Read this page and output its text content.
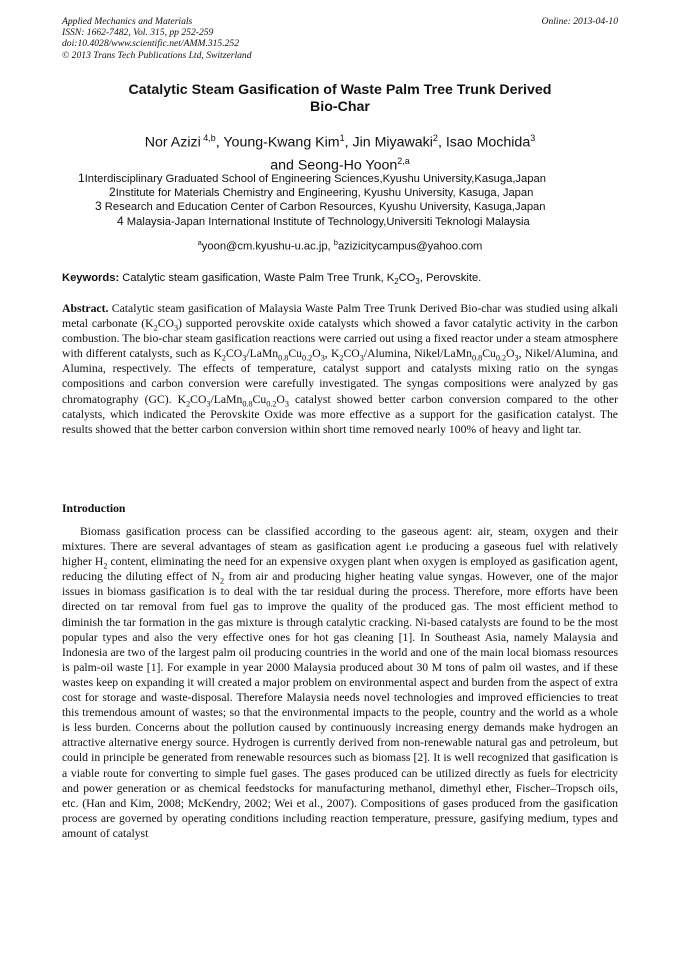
Applied Mechanics and Materials
ISSN: 1662-7482, Vol. 315, pp 252-259
doi:10.4028/www.scientific.net/AMM.315.252
© 2013 Trans Tech Publications Ltd, Switzerland
Online: 2013-04-10
Catalytic Steam Gasification of Waste Palm Tree Trunk Derived
Bio-Char
Nor Azizi $^{4,b}$, Young-Kwang Kim$^1$, Jin Miyawaki$^2$, Isao Mochida$^3$
and Seong-Ho Yoon$^{2,a}$
1Interdisciplinary Graduated School of Engineering Sciences,Kyushu University,Kasuga,Japan
2Institute for Materials Chemistry and Engineering, Kyushu University, Kasuga, Japan
3 Research and Education Center of Carbon Resources, Kyushu University, Kasuga,Japan
4 Malaysia-Japan International Institute of Technology,Universiti Teknologi Malaysia
$^a$yoon@cm.kyushu-u.ac.jp, $^b$azizicitycampus@yahoo.com
Keywords: Catalytic steam gasification, Waste Palm Tree Trunk, $K_2CO_3$, Perovskite.
Abstract. Catalytic steam gasification of Malaysia Waste Palm Tree Trunk Derived Bio-char was studied using alkali metal carbonate $(K_2CO_3)$ supported perovskite oxide catalysts which showed a favor catalytic activity in the carbon combustion. The bio-char steam gasification reactions were carried out using a fixed reactor under a steam atmosphere with different catalysts, such as $K_2CO_3/LaMn_{0.8}Cu_{0.2}O_3$, $K_2CO_3$/Alumina, Nikel/$LaMn_{0.8}Cu_{0.2}O_3$, Nikel/Alumina, and Alumina, respectively. The effects of temperature, catalyst support and catalysts mixing ratio on the syngas compositions and carbon conversion were carefully investigated. The syngas compositions were analyzed by gas chromatography (GC). $K_2CO_3/LaMn_{0.8}Cu_{0.2}O_3$ catalyst showed better carbon conversion compared to the other catalysts, which indicated the Perovskite Oxide was more effective as a support for the gasification catalyst. The results showed that the better carbon conversion within short time removed nearly 100% of heavy and light tar.
Introduction

Biomass gasification process can be classified according to the gaseous agent: air, steam, oxygen and their mixtures. There are several advantages of steam as gasification agent i.e producing a gaseous fuel with relatively higher $H_2$ content, eliminating the need for an expensive oxygen plant when oxygen is employed as gasification agent, reducing the diluting effect of $N_2$ from air and producing higher heating value syngas. However, one of the major issues in biomass gasification is to deal with the tar residual during the process. Therefore, more efforts have been directed on tar removal from fuel gas to improve the quality of the produced gas. The most efficient method to diminish the tar formation in the gas mixture is through catalytic cracking. Ni-based catalysts are found to be the most popular types and also the very effective ones for hot gas cleaning [1]. In Southeast Asia, namely Malaysia and Indonesia are two of the largest palm oil producing countries in the world and one of the main local biomass resources is palm-oil waste [1]. For example in year 2000 Malaysia produced about 30 M tons of palm oil wastes, and if these wastes keep on expanding it will created a major problem on environmental aspect and burden from the aspect of extra cost for storage and waste-disposal. Therefore Malaysia needs novel technologies and improved efficiencies to treat this tremendous amount of wastes; so that the environmental impacts to the people, country and the world as a whole is less burden. Concerns about the pollution caused by continuously increasing energy demands make hydrogen an attractive alternative energy source. Hydrogen is currently derived from non-renewable natural gas and petroleum, but could in principle be generated from renewable resources such as biomass [2]. It is well recognized that gasification is a viable route for converting to simple fuel gases. The gases produced can be utilized directly as fuels for electricity and power generation or as chemical feedstocks for manufacturing methanol, dimethyl ether, Fischer–Tropsch oils, etc. (Han and Kim, 2008; McKendry, 2002; Wei et al., 2007). Compositions of gases produced from the gasification process are governed by operating conditions including reaction temperature, pressure, gasifying medium, types and amount of catalyst
